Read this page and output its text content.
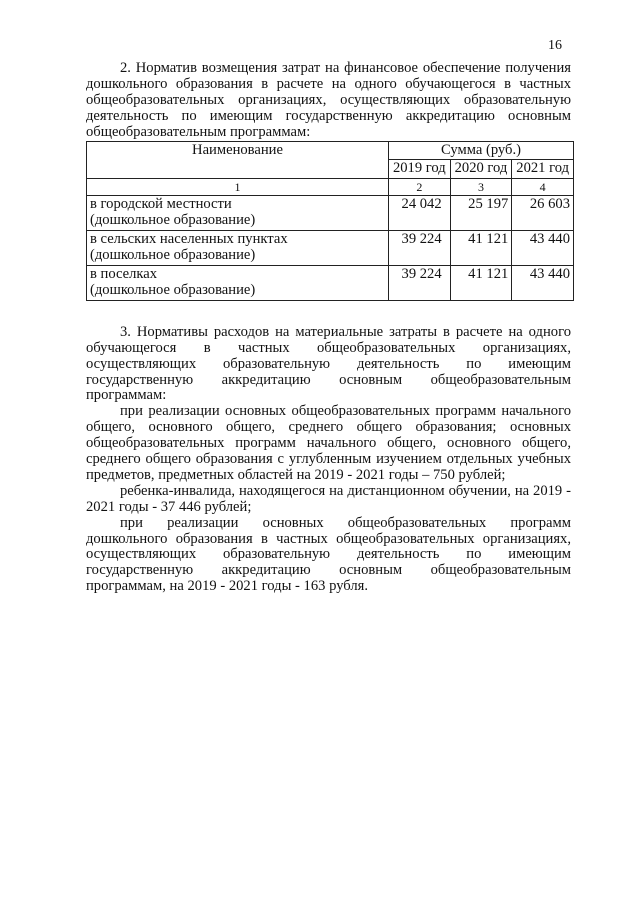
16

2. Норматив возмещения затрат на финансовое обеспечение получения дошкольного образования в расчете на одного обучающегося в частных общеобразовательных организациях, осуществляющих образовательную деятельность по имеющим государственную аккредитацию основным общеобразовательным программам:

Наименование	Сумма (руб.)		
	2019 год	2020 год	2021 год
1	2	3	4

в городской местности
(дошкольное образование)	24 042	25 197	26 603

в сельских населенных пунктах
(дошкольное образование)	39 224	41 121	43 440

в поселках
(дошкольное образование)	39 224	41 121	43 440

3. Нормативы расходов на материальные затраты в расчете на одного обучающегося в частных общеобразовательных организациях, осуществляющих образовательную деятельность по имеющим государственную аккредитацию основным общеобразовательным программам:

при реализации основных общеобразовательных программ начального общего, основного общего, среднего общего образования; основных общеобразовательных программ начального общего, основного общего, среднего общего образования с углубленным изучением отдельных учебных предметов, предметных областей на 2019 - 2021 годы – 750 рублей;

ребенка-инвалида, находящегося на дистанционном обучении, на 2019 - 2021 годы - 37 446 рублей;

при реализации основных общеобразовательных программ дошкольного образования в частных общеобразовательных организациях, осуществляющих образовательную деятельность по имеющим государственную аккредитацию основным общеобразовательным программам, на 2019 - 2021 годы - 163 рубля.
